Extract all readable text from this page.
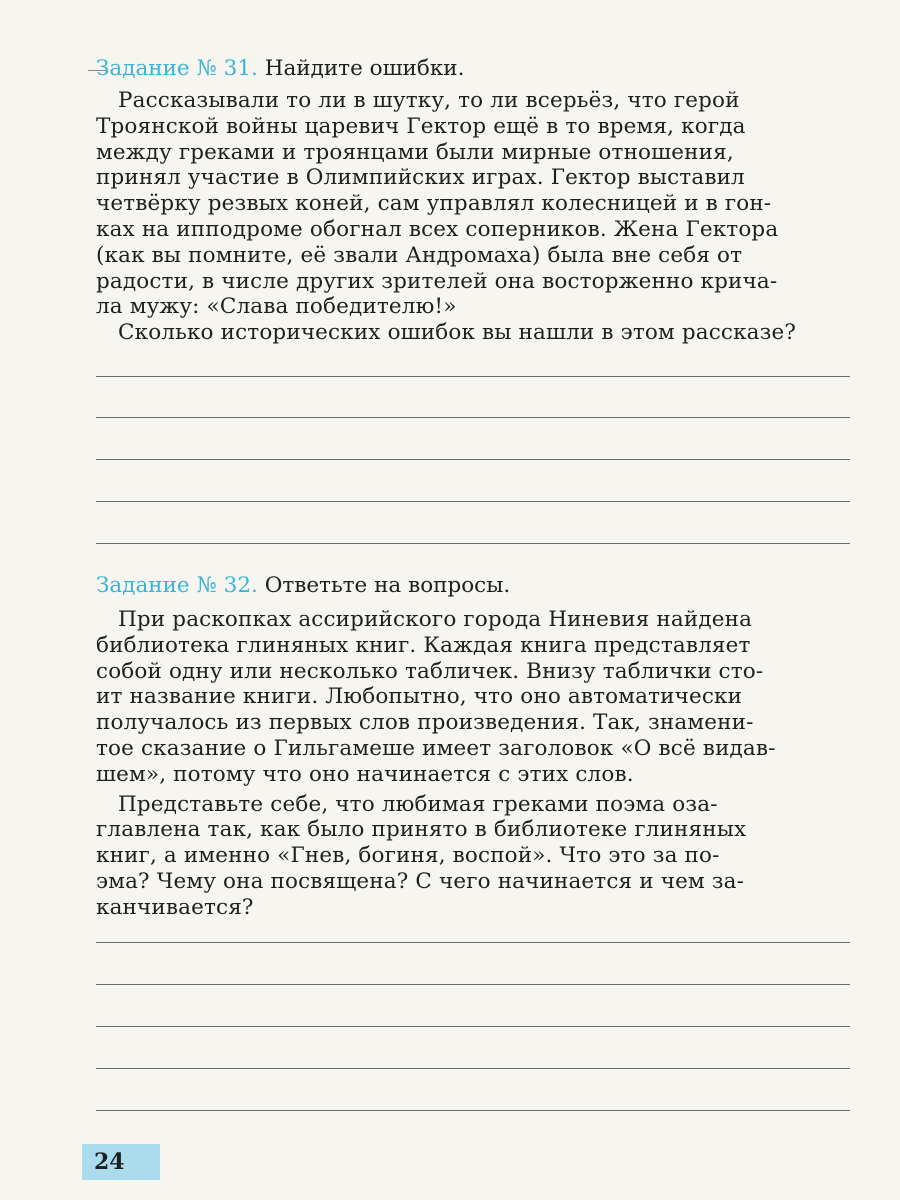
Задание № 31. Найдите ошибки.

Рассказывали то ли в шутку, то ли всерьёз, что герой
Троянской войны царевич Гектор ещё в то время, когда
между греками и троянцами были мирные отношения,
принял участие в Олимпийских играх. Гектор выставил
четвёрку резвых коней, сам управлял колесницей и в гон-
ках на ипподроме обогнал всех соперников. Жена Гектора
(как вы помните, её звали Андромаха) была вне себя от
радости, в числе других зрителей она восторженно крича-
ла мужу: «Слава победителю!»

Сколько исторических ошибок вы нашли в этом рассказе?

Задание № 32. Ответьте на вопросы.

При раскопках ассирийского города Ниневия найдена
библиотека глиняных книг. Каждая книга представляет
собой одну или несколько табличек. Внизу таблички сто-
ит название книги. Любопытно, что оно автоматически
получалось из первых слов произведения. Так, знамени-
тое сказание о Гильгамеше имеет заголовок «О всё видав-
шем», потому что оно начинается с этих слов.

Представьте себе, что любимая греками поэма оза-
главлена так, как было принято в библиотеке глиняных
книг, а именно «Гнев, богиня, воспой». Что это за по-
эма? Чему она посвящена? С чего начинается и чем за-
канчивается?

24
